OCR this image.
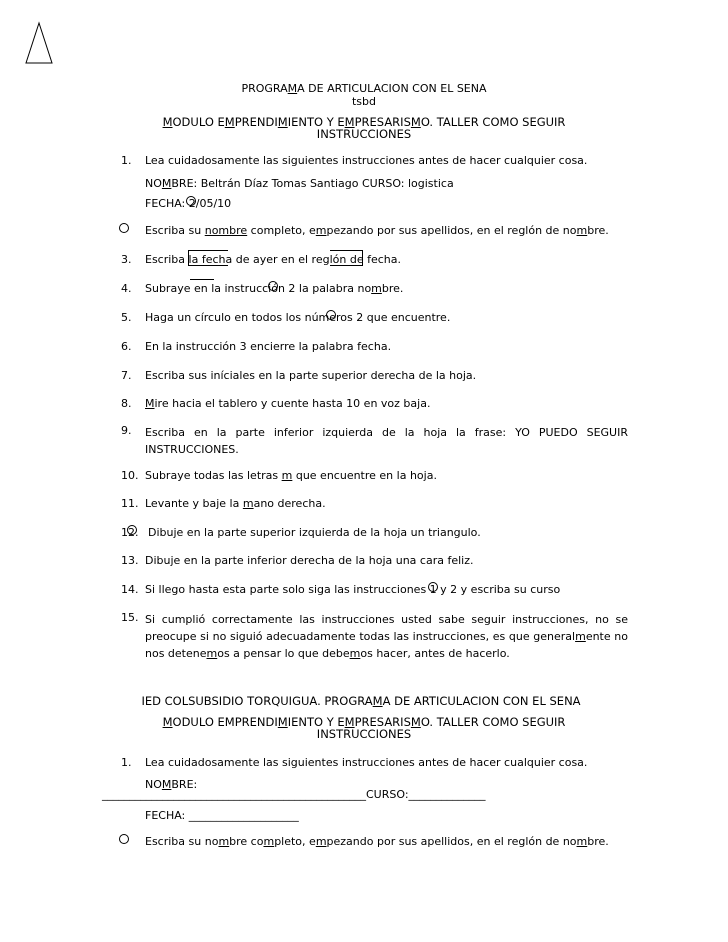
PROGRAMA DE ARTICULACION CON EL SENA
tsbd
MODULO EMPRENDIMIENTO Y EMPRESARISMO. TALLER COMO SEGUIR
INSTRUCCIONES
1. Lea cuidadosamente las siguientes instrucciones antes de hacer cualquier cosa.
NOMBRE: Beltrán Díaz Tomas Santiago CURSO: logistica
FECHA: 2/05/10
Escriba su nombre completo, empezando por sus apellidos, en el reglón de nombre.
3. Escriba la fecha de ayer en el reglón de fecha.
4. Subraye en la instrucción 2 la palabra nombre.
5. Haga un círculo en todos los números 2 que encuentre.
6. En la instrucción 3 encierre la palabra fecha.
7. Escriba sus iníciales en la parte superior derecha de la hoja.
8. Mire hacia el tablero y cuente hasta 10 en voz baja.
9. Escriba en la parte inferior izquierda de la hoja la frase: YO PUEDO SEGUIR INSTRUCCIONES.
10. Subraye todas las letras m que encuentre en la hoja.
11. Levante y baje la mano derecha.
12. Dibuje en la parte superior izquierda de la hoja un triangulo.
13. Dibuje en la parte inferior derecha de la hoja una cara feliz.
14. Si llego hasta esta parte solo siga las instrucciones 1 y 2 y escriba su curso
15. Si cumplió correctamente las instrucciones usted sabe seguir instrucciones, no se preocupe si no siguió adecuadamente todas las instrucciones, es que generalmente no nos detenemos a pensar lo que debemos hacer, antes de hacerlo.
IED COLSUBSIDIO TORQUIGUA. PROGRAMA DE ARTICULACION CON EL SENA
MODULO EMPRENDIMIENTO Y EMPRESARISMO. TALLER COMO SEGUIR
INSTRUCCIONES
1. Lea cuidadosamente las siguientes instrucciones antes de hacer cualquier cosa.
NOMBRE:
________________________________________________CURSO:______________
FECHA: ____________________
Escriba su nombre completo, empezando por sus apellidos, en el reglón de nombre.
